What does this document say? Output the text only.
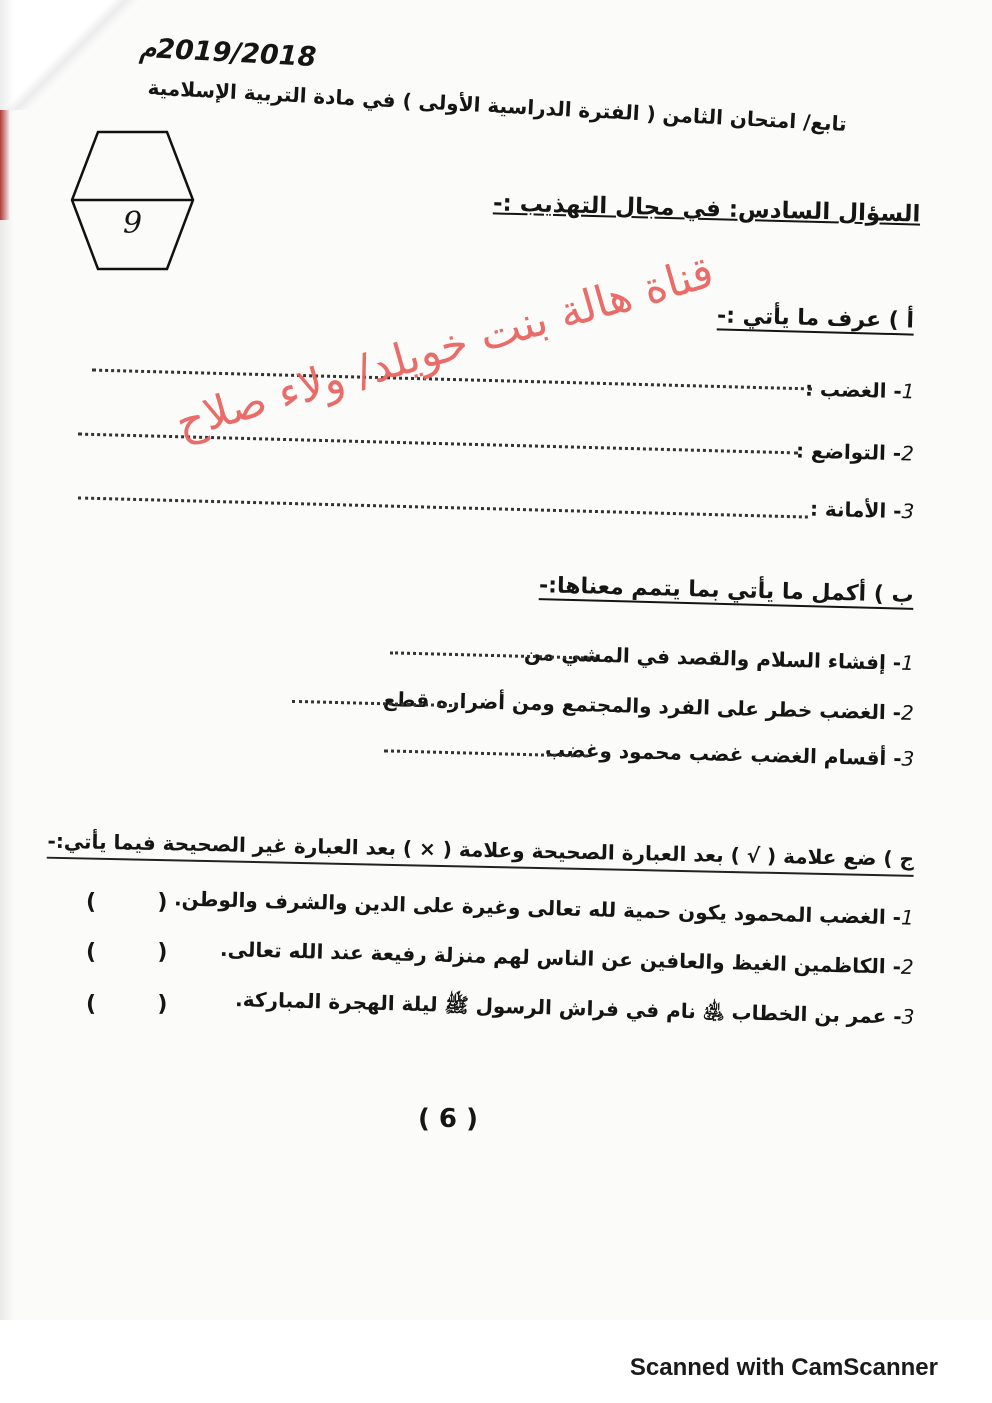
2019/2018م
تابع/ امتحان الثامن ( الفترة الدراسية الأولى ) في مادة التربية الإسلامية
9	السؤال السادس: في مجال التهذيب :-
أ ) عرف ما يأتي :-
1- الغضب :
2- التواضع :
3- الأمانة :
ب ) أكمل ما يأتي بما يتمم معناها:-
1- إفشاء السلام والقصد في المشي من
2- الغضب خطر على الفرد والمجتمع ومن أضراره قطع
3- أقسام الغضب غضب محمود وغضب
ج ) ضع علامة ( √ ) بعد العبارة الصحيحة وعلامة ( × ) بعد العبارة غير الصحيحة فيما يأتي:-
1- الغضب المحمود يكون حمية لله تعالى وغيرة على الدين والشرف والوطن.
(        )
2- الكاظمين الغيظ والعافين عن الناس لهم منزلة رفيعة عند الله تعالى.
(        )
3- عمر بن الخطاب ﵁ نام في فراش الرسول ﷺ ليلة الهجرة المباركة.
(        )
قناة هالة بنت خويلد/ ولاء صلاح
( 6 )
Scanned with CamScanner
